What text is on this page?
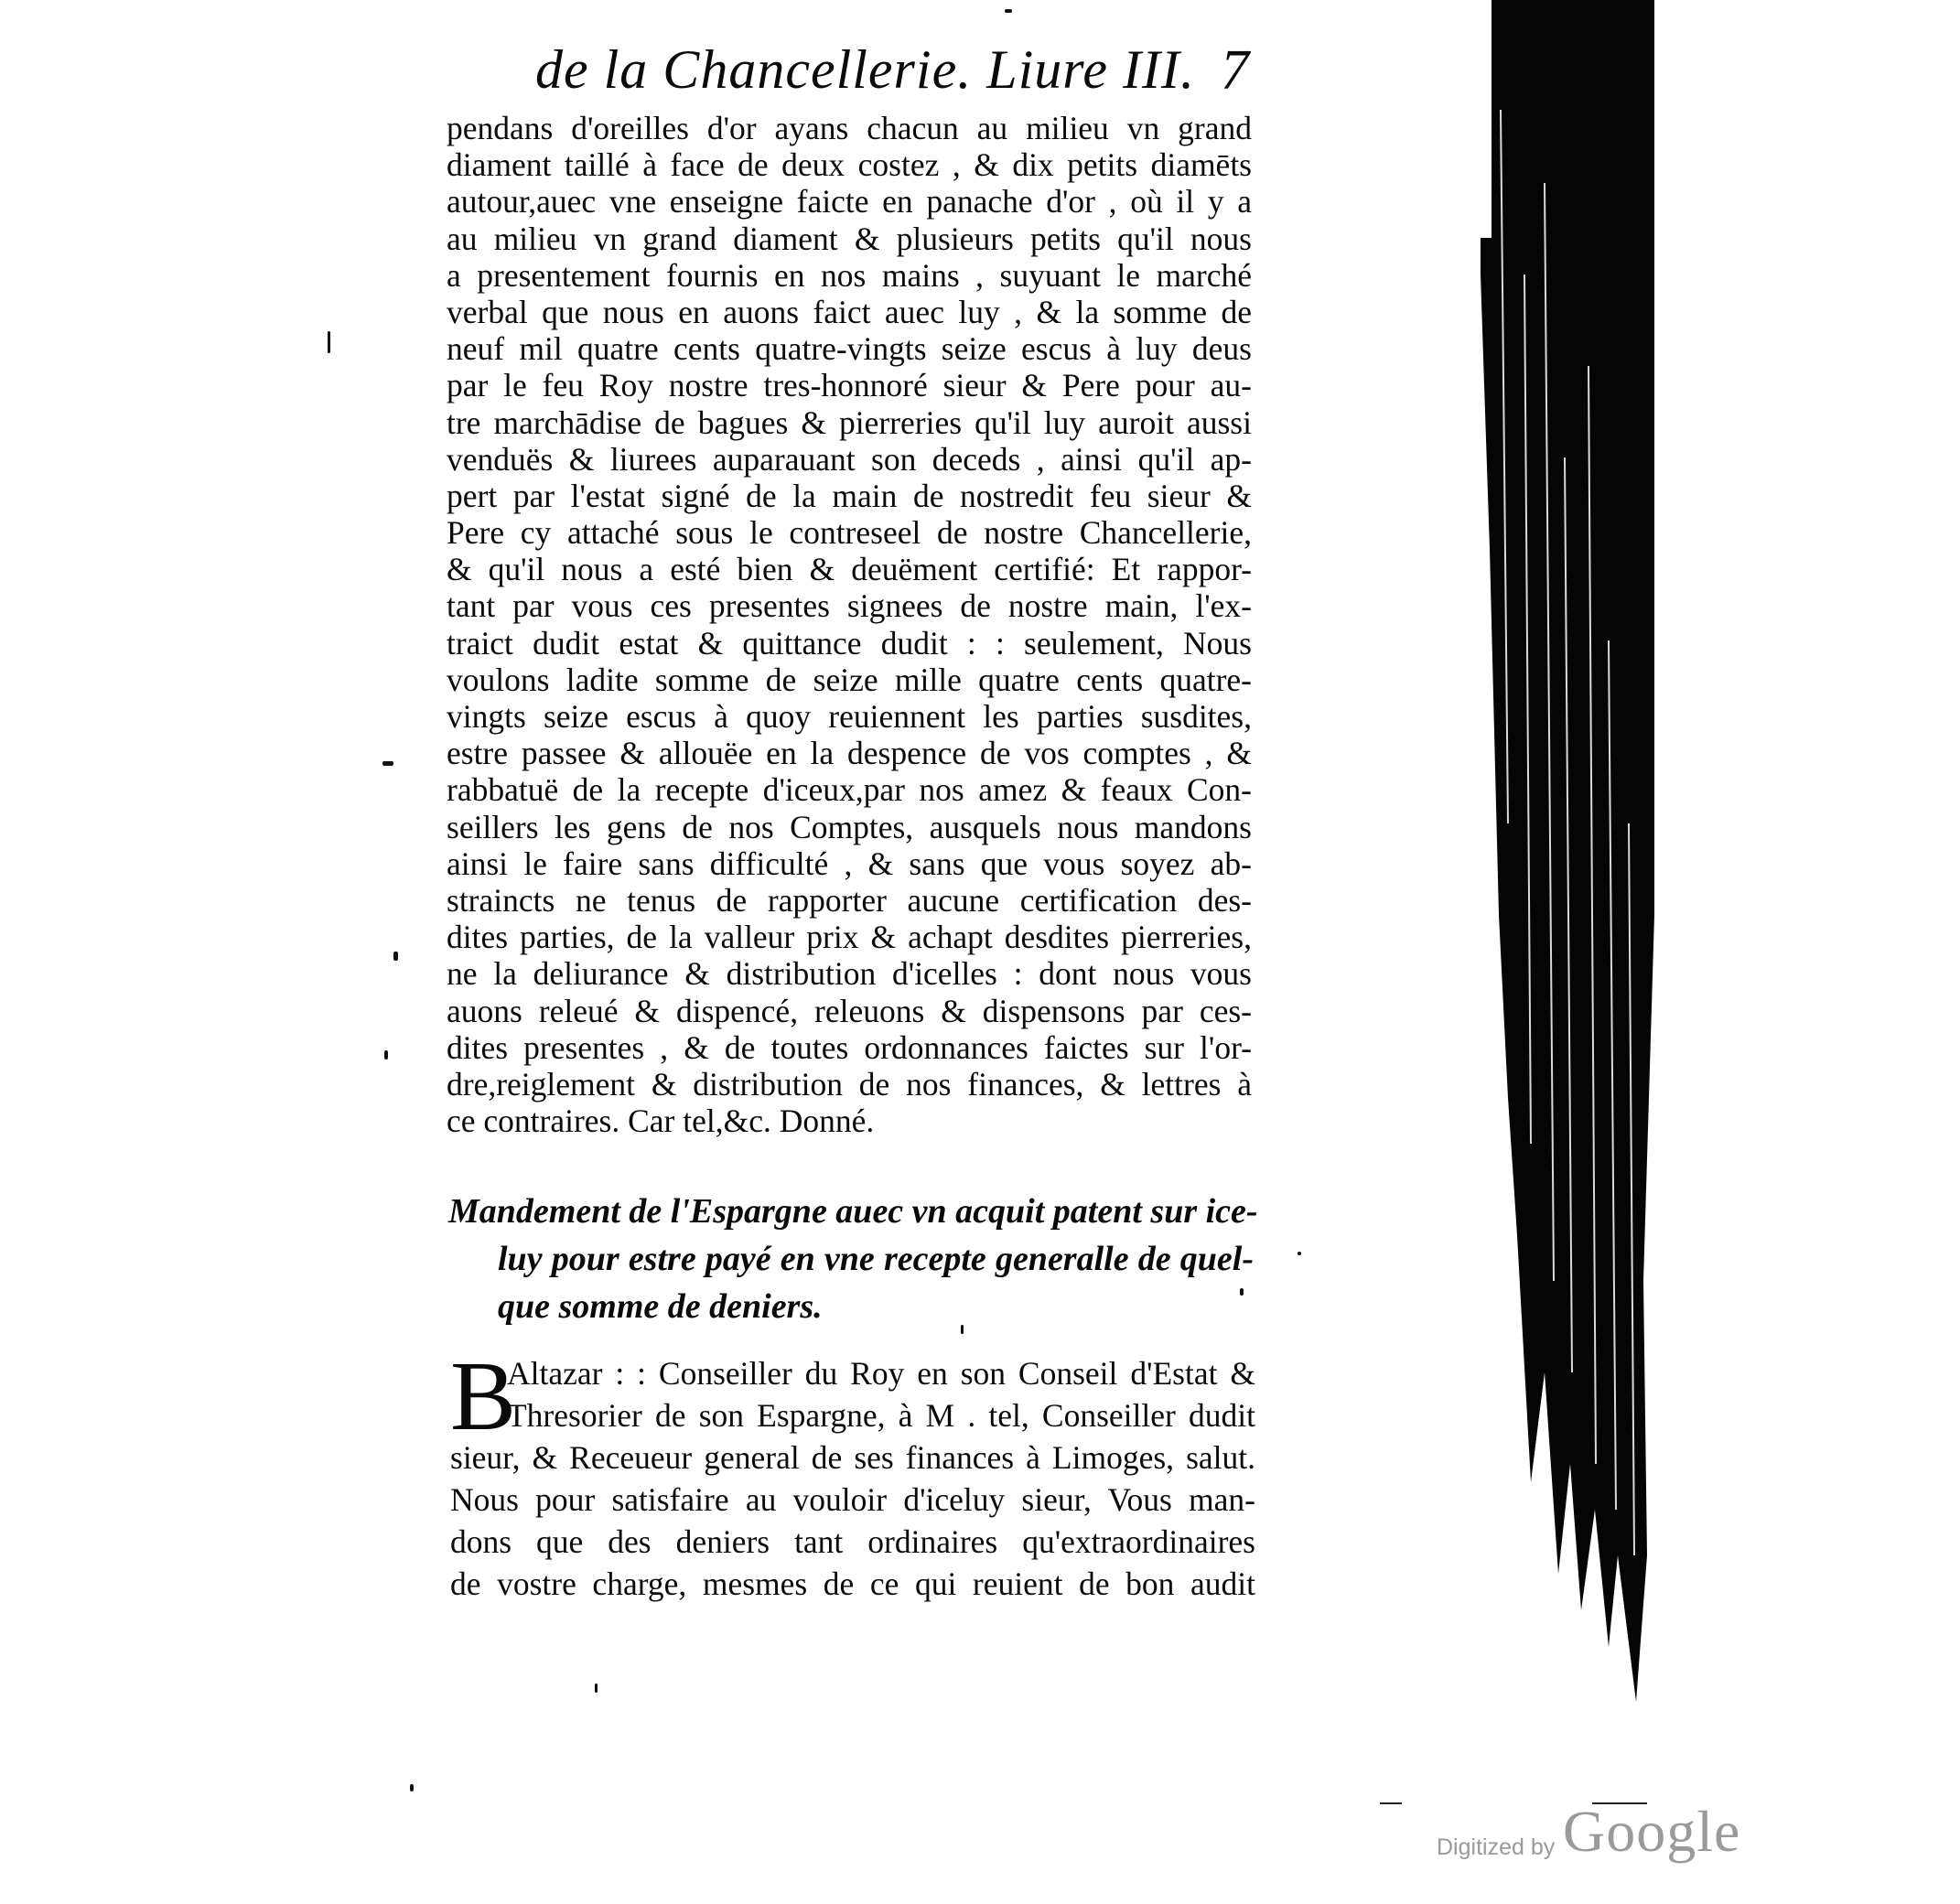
de la Chancellerie. Liure III. 7
pendans d'oreilles d'or ayans chacun au milieu vn grand
diament taillé à face de deux costez , & dix petits diamēts
autour,auec vne enseigne faicte en panache d'or , où il y a
au milieu vn grand diament & plusieurs petits qu'il nous
a presentement fournis en nos mains , suyuant le marché
verbal que nous en auons faict auec luy , & la somme de
neuf mil quatre cents quatre-vingts seize escus à luy deus
par le feu Roy nostre tres-honnoré sieur & Pere pour au-
tre marchādise de bagues & pierreries qu'il luy auroit aussi
venduës & liurees auparauant son deceds , ainsi qu'il ap-
pert par l'estat signé de la main de nostredit feu sieur &
Pere cy attaché sous le contreseel de nostre Chancellerie,
& qu'il nous a esté bien & deuëment certifié: Et rappor-
tant par vous ces presentes signees de nostre main, l'ex-
traict dudit estat & quittance dudit : : seulement, Nous
voulons ladite somme de seize mille quatre cents quatre-
vingts seize escus à quoy reuiennent les parties susdites,
estre passee & allouëe en la despence de vos comptes , &
rabbatuë de la recepte d'iceux,par nos amez & feaux Con-
seillers les gens de nos Comptes, ausquels nous mandons
ainsi le faire sans difficulté , & sans que vous soyez ab-
straincts ne tenus de rapporter aucune certification des-
dites parties, de la valleur prix & achapt desdites pierreries,
ne la deliurance & distribution d'icelles : dont nous vous
auons releué & dispencé, releuons & dispensons par ces-
dites presentes , & de toutes ordonnances faictes sur l'or-
dre,reiglement & distribution de nos finances, & lettres à
ce contraires. Car tel,&c. Donné.
Mandement de l'Espargne auec vn acquit patent sur ice-
luy pour estre payé en vne recepte generalle de quel-
que somme de deniers.
B
Altazar : : Conseiller du Roy en son Conseil d'Estat &
Thresorier de son Espargne, à M . tel, Conseiller dudit
sieur, & Receueur general de ses finances à Limoges, salut.
Nous pour satisfaire au vouloir d'iceluy sieur, Vous man-
dons que des deniers tant ordinaires qu'extraordinaires
de vostre charge, mesmes de ce qui reuient de bon audit
Digitized by Google
